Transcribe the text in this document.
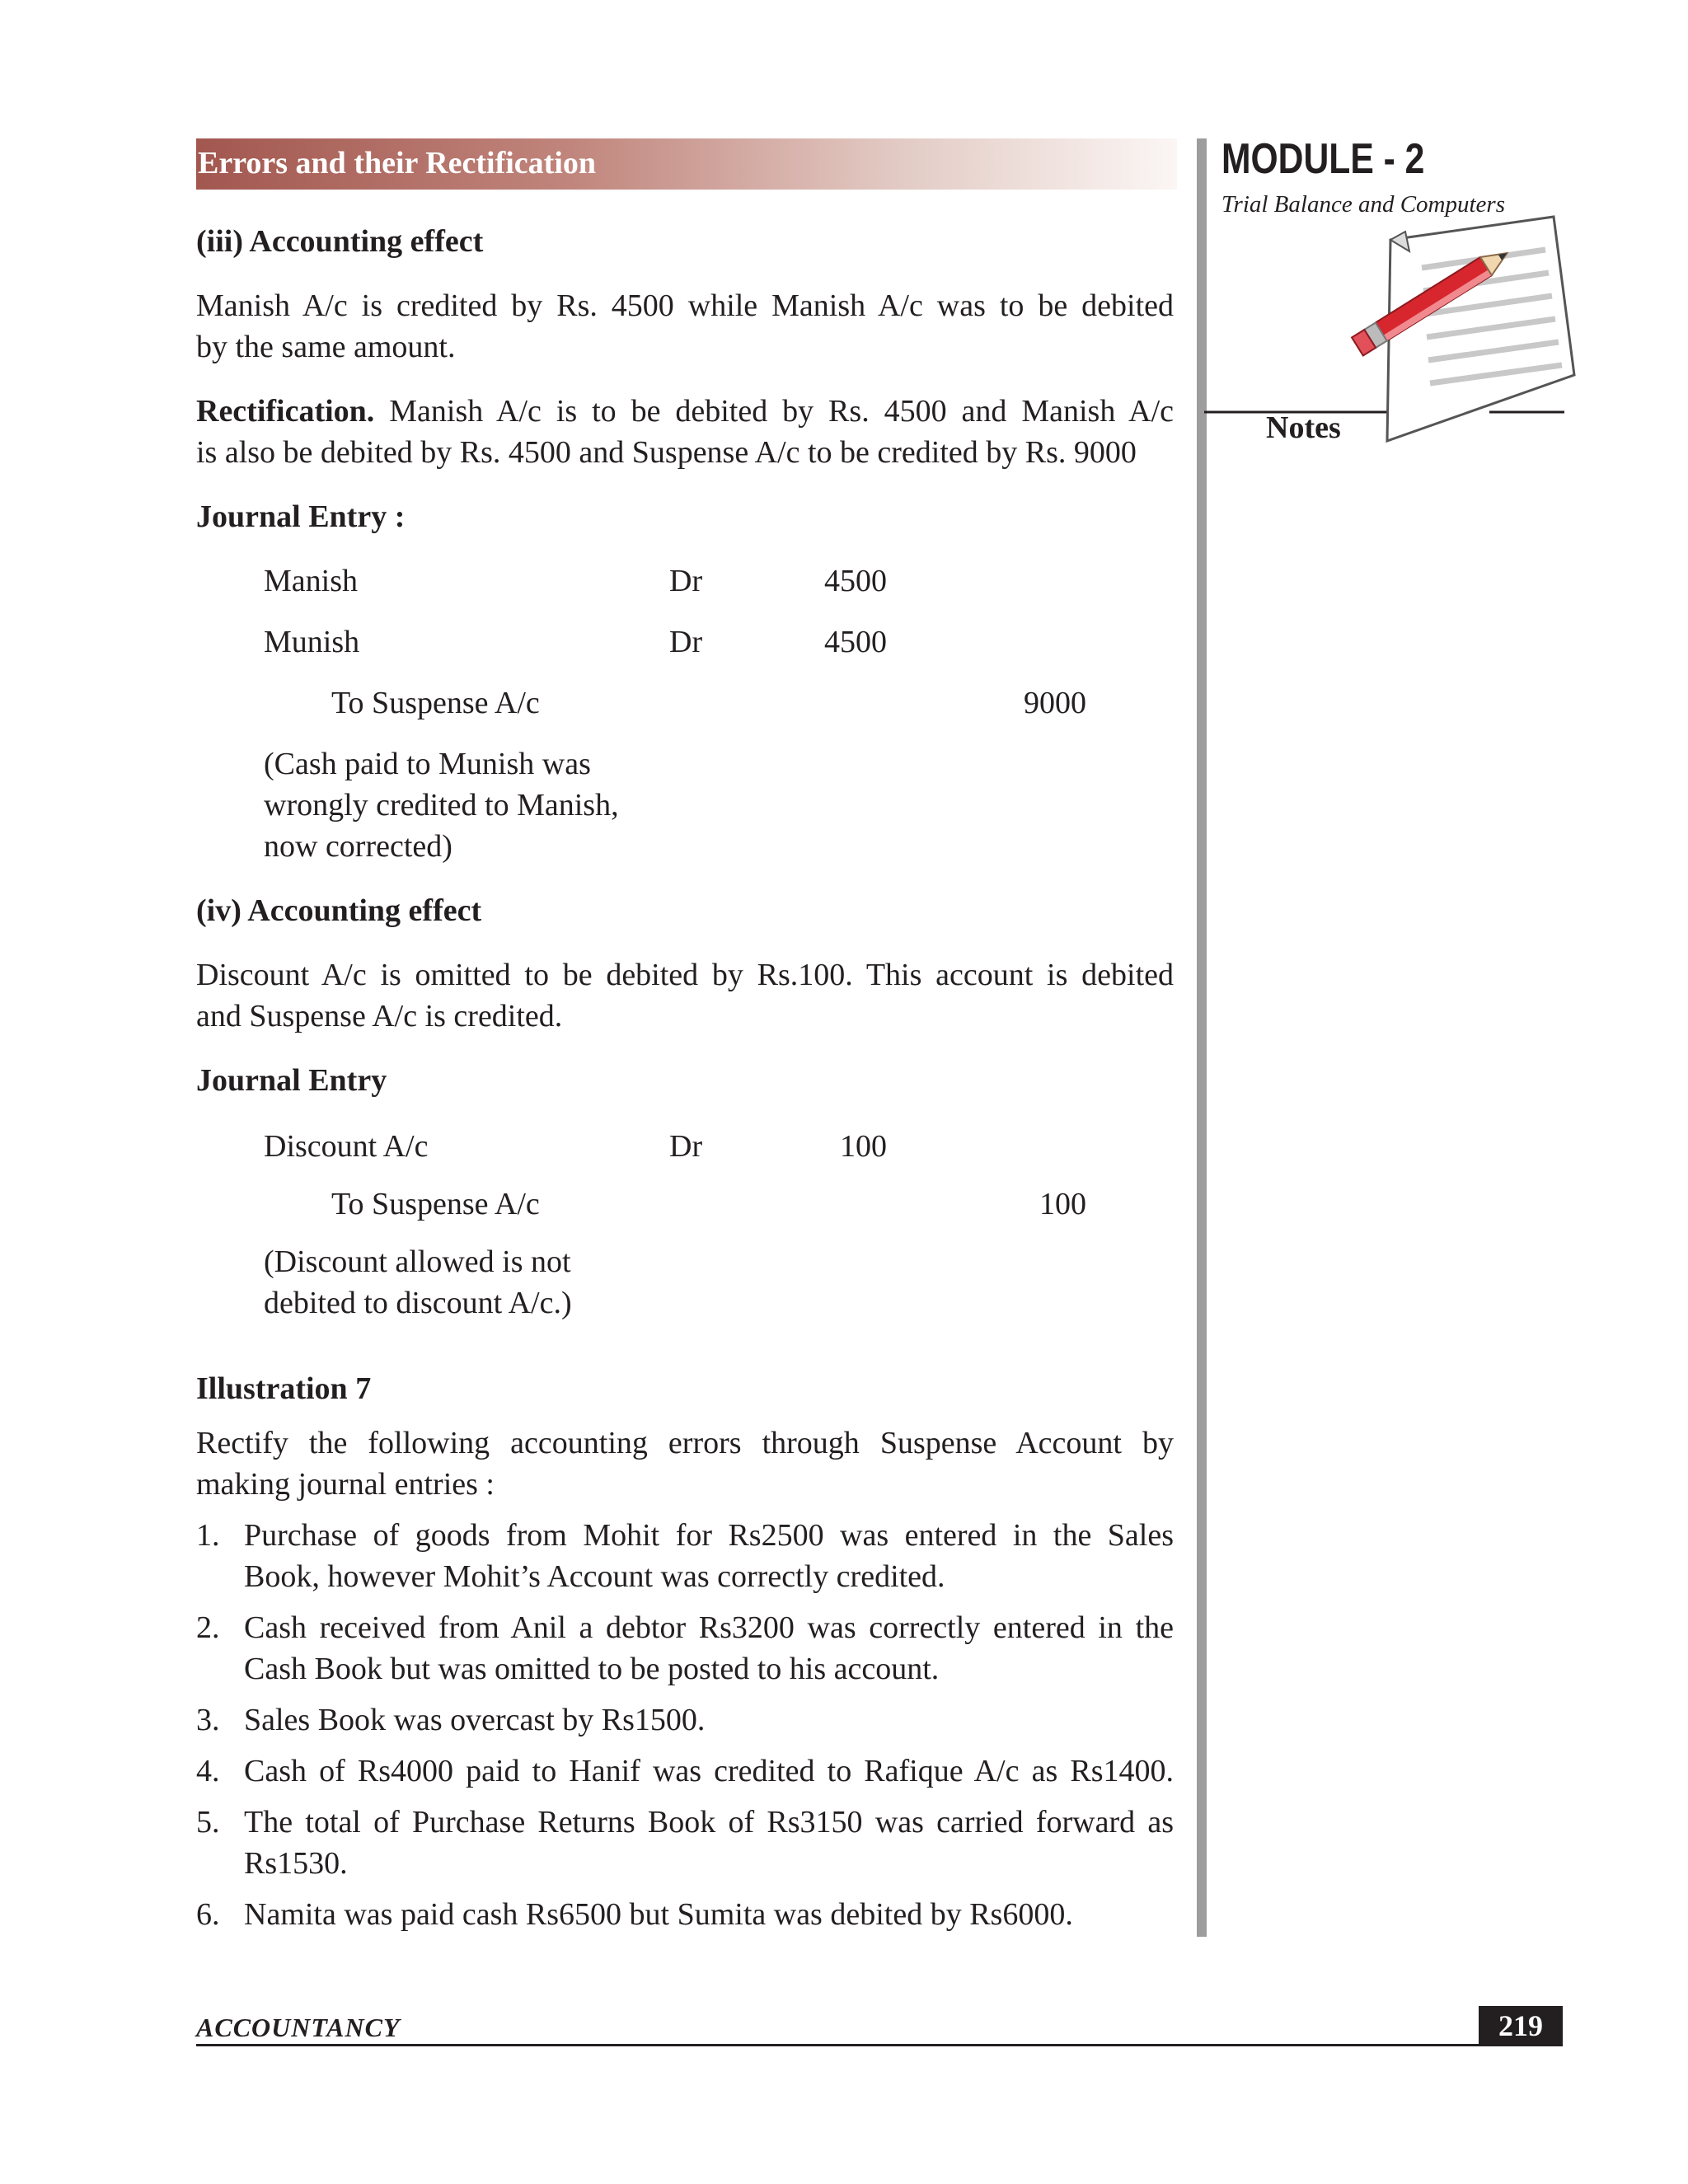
Errors and their Rectification	MODULE - 2
Trial Balance and Computers
Notes
(iii) Accounting effect
Manish A/c is credited by Rs. 4500 while Manish A/c was to be debited
by the same amount.
Rectification. Manish A/c is to be debited by Rs. 4500 and Manish A/c
is also be debited by Rs. 4500 and Suspense A/c to be credited by Rs. 9000
Journal Entry :
Manish	Dr	4500
Munish	Dr	4500
To Suspense A/c	9000
(Cash paid to Munish was
wrongly credited to Manish,
now corrected)
(iv) Accounting effect
Discount A/c is omitted to be debited by Rs.100. This account is debited
and Suspense A/c is credited.
Journal Entry
Discount A/c	Dr	100
To Suspense A/c	100
(Discount allowed is not
debited to discount A/c.)
Illustration 7
Rectify the following accounting errors through Suspense Account by
making journal entries :
1. Purchase of goods from Mohit for Rs2500 was entered in the Sales
Book, however Mohit’s Account was correctly credited.
2. Cash received from Anil a debtor Rs3200 was correctly entered in the
Cash Book but was omitted to be posted to his account.
3. Sales Book was overcast by Rs1500.
4. Cash of Rs4000 paid to Hanif was credited to Rafique A/c as Rs1400.
5. The total of Purchase Returns Book of Rs3150 was carried forward as
Rs1530.
6. Namita was paid cash Rs6500 but Sumita was debited by Rs6000.
ACCOUNTANCY	219
